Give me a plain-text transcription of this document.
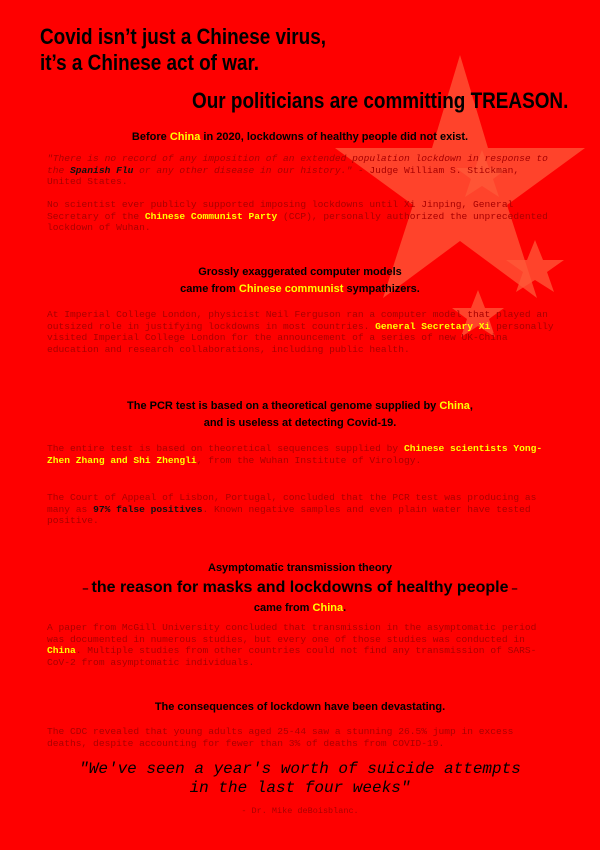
Covid isn’t just a Chinese virus,
it’s a Chinese act of war.
Our politicians are committing TREASON.
Before China in 2020, lockdowns of healthy people did not exist.
"There is no record of any imposition of an extended population lockdown in response to the Spanish Flu or any other disease in our history." - Judge William S. Stickman, United States.
No scientist ever publicly supported imposing lockdowns until Xi Jinping, General Secretary of the Chinese Communist Party (CCP), personally authorized the unprecedented lockdown of Wuhan.
Grossly exaggerated computer models
came from Chinese communist sympathizers.
At Imperial College London, physicist Neil Ferguson ran a computer model that played an outsized role in justifying lockdowns in most countries. General Secretary Xi personally visited Imperial College London for the announcement of a series of new UK-China education and research collaborations, including public health.
The PCR test is based on a theoretical genome supplied by China,
and is useless at detecting Covid-19.
The entire test is based on theoretical sequences supplied by Chinese scientists Yong-Zhen Zhang and Shi Zhengli, from the Wuhan Institute of Virology.
The Court of Appeal of Lisbon, Portugal, concluded that the PCR test was producing as many as 97% false positives. Known negative samples and even plain water have tested positive.
Asymptomatic transmission theory
– the reason for masks and lockdowns of healthy people –
came from China.
A paper from McGill University concluded that transmission in the asymptomatic period was documented in numerous studies, but every one of those studies was conducted in China. Multiple studies from other countries could not find any transmission of SARS-CoV-2 from asymptomatic individuals.
The consequences of lockdown have been devastating.
The CDC revealed that young adults aged 25-44 saw a stunning 26.5% jump in excess deaths, despite accounting for fewer than 3% of deaths from COVID-19.
"We've seen a year's worth of suicide attempts
in the last four weeks"
- Dr. Mike deBoisblanc.
